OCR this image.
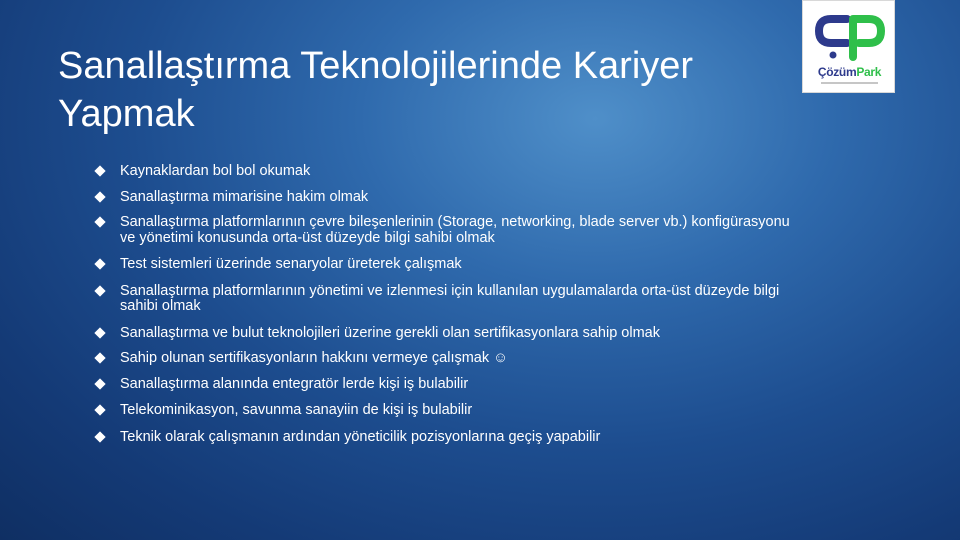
Sanallaştırma Teknolojilerinde Kariyer Yapmak
ÇözümPark
Kaynaklardan bol bol okumak
Sanallaştırma mimarisine hakim olmak
Sanallaştırma platformlarının çevre bileşenlerinin (Storage, networking, blade server vb.) konfigürasyonu ve yönetimi konusunda orta-üst düzeyde bilgi sahibi olmak
Test sistemleri üzerinde senaryolar üreterek çalışmak
Sanallaştırma platformlarının yönetimi ve izlenmesi için kullanılan uygulamalarda orta-üst düzeyde bilgi sahibi olmak
Sanallaştırma ve bulut teknolojileri üzerine gerekli olan sertifikasyonlara sahip olmak
Sahip olunan sertifikasyonların hakkını vermeye çalışmak ☺
Sanallaştırma alanında entegratör lerde kişi iş bulabilir
Telekominikasyon, savunma sanayiin de kişi iş bulabilir
Teknik olarak çalışmanın ardından yöneticilik pozisyonlarına geçiş yapabilir
